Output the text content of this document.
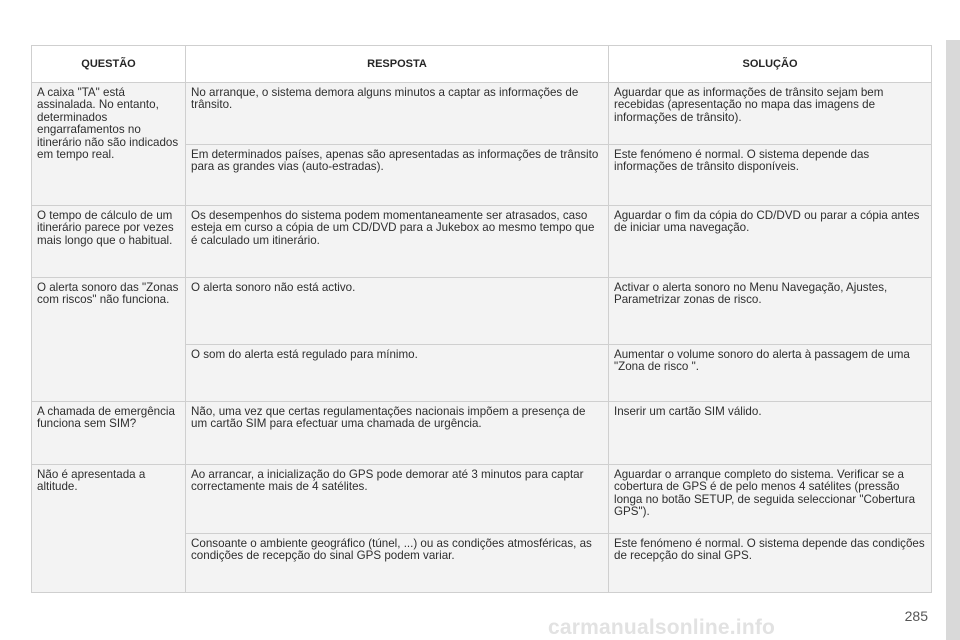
QUESTÃO	RESPOSTA	SOLUÇÃO
A caixa "TA" está assinalada. No entanto, determinados engarrafamentos no itinerário não são indicados em tempo real.	No arranque, o sistema demora alguns minutos a captar as informações de trânsito.	Aguardar que as informações de trânsito sejam bem recebidas (apresentação no mapa das imagens de informações de trânsito).
	Em determinados países, apenas são apresentadas as informações de trânsito para as grandes vias (auto-estradas).	Este fenómeno é normal. O sistema depende das informações de trânsito disponíveis.
O tempo de cálculo de um itinerário parece por vezes mais longo que o habitual.	Os desempenhos do sistema podem momentaneamente ser atrasados, caso esteja em curso a cópia de um CD/DVD para a Jukebox ao mesmo tempo que é calculado um itinerário.	Aguardar o fim da cópia do CD/DVD ou parar a cópia antes de iniciar uma navegação.
O alerta sonoro das "Zonas com riscos" não funciona.	O alerta sonoro não está activo.	Activar o alerta sonoro no Menu Navegação, Ajustes, Parametrizar zonas de risco.
	O som do alerta está regulado para mínimo.	Aumentar o volume sonoro do alerta à passagem de uma "Zona de risco ".
A chamada de emergência funciona sem SIM?	Não, uma vez que certas regulamentações nacionais impõem a presença de um cartão SIM para efectuar uma chamada de urgência.	Inserir um cartão SIM válido.
Não é apresentada a altitude.	Ao arrancar, a inicialização do GPS pode demorar até 3 minutos para captar correctamente mais de 4 satélites.	Aguardar o arranque completo do sistema. Verificar se a cobertura de GPS é de pelo menos 4 satélites (pressão longa no botão SETUP, de seguida seleccionar "Cobertura GPS").
	Consoante o ambiente geográfico (túnel, ...) ou as condições atmosféricas, as condições de recepção do sinal GPS podem variar.	Este fenómeno é normal. O sistema depende das condições de recepção do sinal GPS.
285
carmanualsonline.info
